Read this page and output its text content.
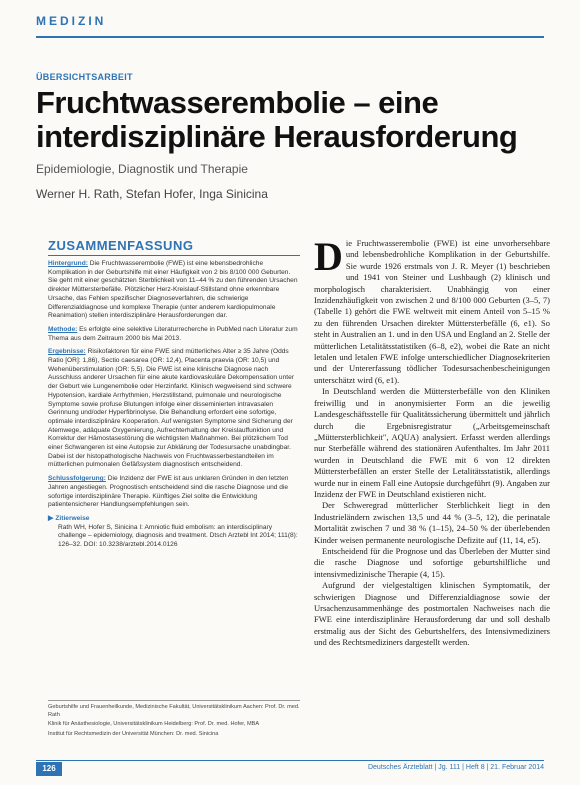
MEDIZIN
ÜBERSICHTSARBEIT
Fruchtwasserembolie – eine interdisziplinäre Herausforderung
Epidemiologie, Diagnostik und Therapie
Werner H. Rath, Stefan Hofer, Inga Sinicina
ZUSAMMENFASSUNG

Hintergrund: Die Fruchtwasserembolie (FWE) ist eine lebensbedrohliche Komplikation in der Geburtshilfe mit einer Häufigkeit von 2 bis 8/100 000 Geburten. Sie geht mit einer geschätzten Sterblichkeit von 11–44 % zu den führenden Ursachen direkter Müttersterbefälle. Plötzlicher Herz-Kreislauf-Stillstand ohne erkennbare Ursache, das Fehlen spezifischer Diagnoseverfahren, die schwierige Differenzialdiagnose und komplexe Therapie (unter anderem kardiopulmonale Reanimation) stellen interdisziplinäre Herausforderungen dar.

Methode: Es erfolgte eine selektive Literaturrecherche in PubMed nach Literatur zum Thema aus dem Zeitraum 2000 bis Mai 2013.

Ergebnisse: Risikofaktoren für eine FWE sind mütterliches Alter ≥ 35 Jahre (Odds Ratio [OR]: 1,86), Sectio caesarea (OR: 12,4), Placenta praevia (OR: 10,5) und Wehenüberstimulation (OR: 5,5). Die FWE ist eine klinische Diagnose nach Ausschluss anderer Ursachen für eine akute kardiovaskuläre Dekompensation unter der Geburt wie Lungenembolie oder Herzinfarkt. Klinisch wegweisend sind schwere Hypotension, kardiale Arrhythmien, Herzstillstand, pulmonale und neurologische Symptome sowie profuse Blutungen infolge einer disseminierten intravasalen Gerinnung und/oder Hyperfibrinolyse. Die Behandlung erfordert eine sofortige, optimale interdisziplinäre Kooperation. Auf wenigsten Symptome sind Sicherung der Atemwege, adäquate Oxygenierung, Aufrechterhaltung der Kreislauffunktion und Korrektur der Hämostasestörung die wichtigsten Maßnahmen. Bei plötzlichem Tod einer Schwangeren ist eine Autopsie zur Abklärung der Todesursache unabdingbar. Dabei ist der histopathologische Nachweis von Fruchtwasserbestandteilen im mütterlichen pulmonalen Gefäßsystem diagnostisch entscheidend.

Schlussfolgerung: Die Inzidenz der FWE ist aus unklaren Gründen in den letzten Jahren angestiegen. Prognostisch entscheidend sind die rasche Diagnose und die sofortige interdisziplinäre Therapie. Künftiges Ziel sollte die Entwicklung patientensicherer Handlungsempfehlungen sein.

▶ Zitierweise
Rath WH, Hofer S, Sinicina I: Amniotic fluid embolism: an interdisciplinary challenge – epidemiology, diagnosis and treatment. Dtsch Arztebl Int 2014; 111(8): 126–32. DOI: 10.3238/arztebl.2014.0126

Geburtshilfe und Frauenheilkunde, Medizinische Fakultät, Universitätsklinikum Aachen: Prof. Dr. med. Rath

Klinik für Anästhesiologie, Universitätsklinikum Heidelberg: Prof. Dr. med. Hofer, MBA

Institut für Rechtsmedizin der Universität München: Dr. med. Sinicina

Die Fruchtwasserembolie (FWE) ist eine unvorhersehbare und lebensbedrohliche Komplikation in der Geburtshilfe. Sie wurde 1926 erstmals von J. R. Meyer (1) beschrieben und 1941 von Steiner und Lushbaugh (2) klinisch und morphologisch charakterisiert. Unabhängig von einer Inzidenzhäufigkeit von zwischen 2 und 8/100 000 Geburten (3–5, 7) (Tabelle 1) gehört die FWE weltweit mit einem Anteil von 5–15 % zu den führenden Ursachen direkter Müttersterbefälle (6, e1). So steht in Australien an 1. und in den USA und England an 2. Stelle der mütterlichen Letalitätsstatistiken (6–8, e2), wobei die Rate an nicht letalen und letalen FWE infolge unterschiedlicher Diagnosekriterien und der Untererfassung tödlicher Todesursachenbescheinigungen unterschätzt wird (6, e1).

In Deutschland werden die Müttersterbefälle von den Kliniken freiwillig und in anonymisierter Form an die jeweilig Landesgeschäftsstelle für Qualitätssicherung übermittelt und jährlich durch die Ergebnisregistratur („Arbeitsgemeinschaft „Müttersterblichkeit", AQUA) analysiert. Erfasst werden allerdings nur Sterbefälle während des stationären Aufenthaltes. Im Jahr 2011 wurden in Deutschland die FWE mit 6 von 12 direkten Müttersterbefällen an erster Stelle der Letalitätsstatistik, allerdings wurde nur in einem Fall eine Autopsie durchgeführt (9). Angaben zur Inzidenz der FWE in Deutschland existieren nicht.

Der Schweregrad mütterlicher Sterblichkeit liegt in den Industrieländern zwischen 13,5 und 44 % (3–5, 12), die perinatale Mortalität zwischen 7 und 38 % (1–15), 24–50 % der überlebenden Kinder weisen permanente neurologische Defizite auf (11, 14, e5).

Entscheidend für die Prognose und das Überleben der Mutter sind die rasche Diagnose und sofortige geburtshilfliche und intensivmedizinische Therapie (4, 15).

Aufgrund der vielgestaltigen klinischen Symptomatik, der schwierigen Diagnose und Differenzialdiagnose sowie der Ursachenzusammenhänge des postmortalen Nachweises nach die FWE eine interdisziplinäre Herausforderung dar und soll deshalb erstmalig aus der Sicht des Geburtshelfers, des Intensivmediziners und des Rechtsmediziners dargestellt werden.

126	Deutsches Ärzteblatt | Jg. 111 | Heft 8 | 21. Februar 2014
